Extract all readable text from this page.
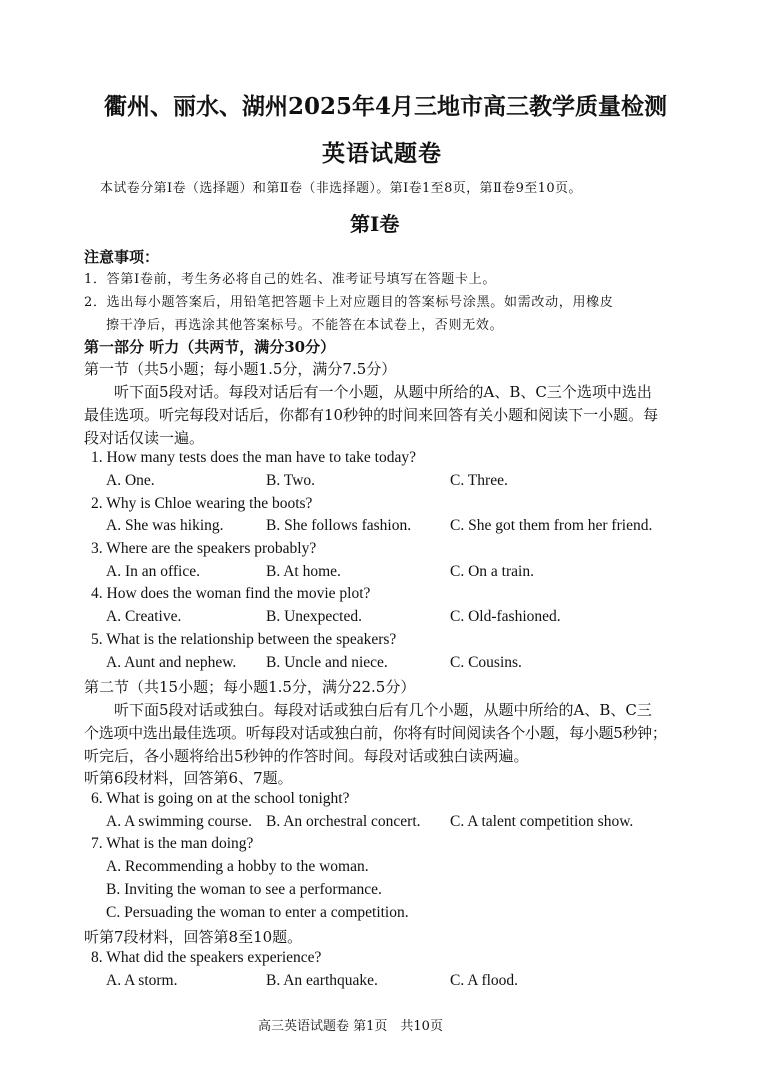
衢州、丽水、湖州2025年4月三地市高三教学质量检测
英语试题卷
本试卷分第Ⅰ卷（选择题）和第Ⅱ卷（非选择题）。第Ⅰ卷1至8页，第Ⅱ卷9至10页。
第Ⅰ卷
注意事项：
1．答第Ⅰ卷前，考生务必将自己的姓名、准考证号填写在答题卡上。
2．选出每小题答案后，用铅笔把答题卡上对应题目的答案标号涂黑。如需改动，用橡皮
擦干净后，再选涂其他答案标号。不能答在本试卷上，否则无效。
第一部分 听力（共两节，满分30分）
第一节（共5小题；每小题1.5分，满分7.5分）
听下面5段对话。每段对话后有一个小题，从题中所给的A、B、C三个选项中选出
最佳选项。听完每段对话后，你都有10秒钟的时间来回答有关小题和阅读下一小题。每
段对话仅读一遍。
1. How many tests does the man have to take today?
A. One.	B. Two.	C. Three.
2. Why is Chloe wearing the boots?
A. She was hiking.	B. She follows fashion.	C. She got them from her friend.
3. Where are the speakers probably?
A. In an office.	B. At home.	C. On a train.
4. How does the woman find the movie plot?
A. Creative.	B. Unexpected.	C. Old-fashioned.
5. What is the relationship between the speakers?
A. Aunt and nephew. B. Uncle and niece.	C. Cousins.
第二节（共15小题；每小题1.5分，满分22.5分）
听下面5段对话或独白。每段对话或独白后有几个小题，从题中所给的A、B、C三
个选项中选出最佳选项。听每段对话或独白前，你将有时间阅读各个小题，每小题5秒钟；
听完后，各小题将给出5秒钟的作答时间。每段对话或独白读两遍。
听第6段材料，回答第6、7题。
6. What is going on at the school tonight?
A. A swimming course. B. An orchestral concert. C. A talent competition show.
7. What is the man doing?
A. Recommending a hobby to the woman.
B. Inviting the woman to see a performance.
C. Persuading the woman to enter a competition.
听第7段材料，回答第8至10题。
8. What did the speakers experience?
A. A storm.	B. An earthquake.	C. A flood.
高三英语试题卷 第1页　共10页
